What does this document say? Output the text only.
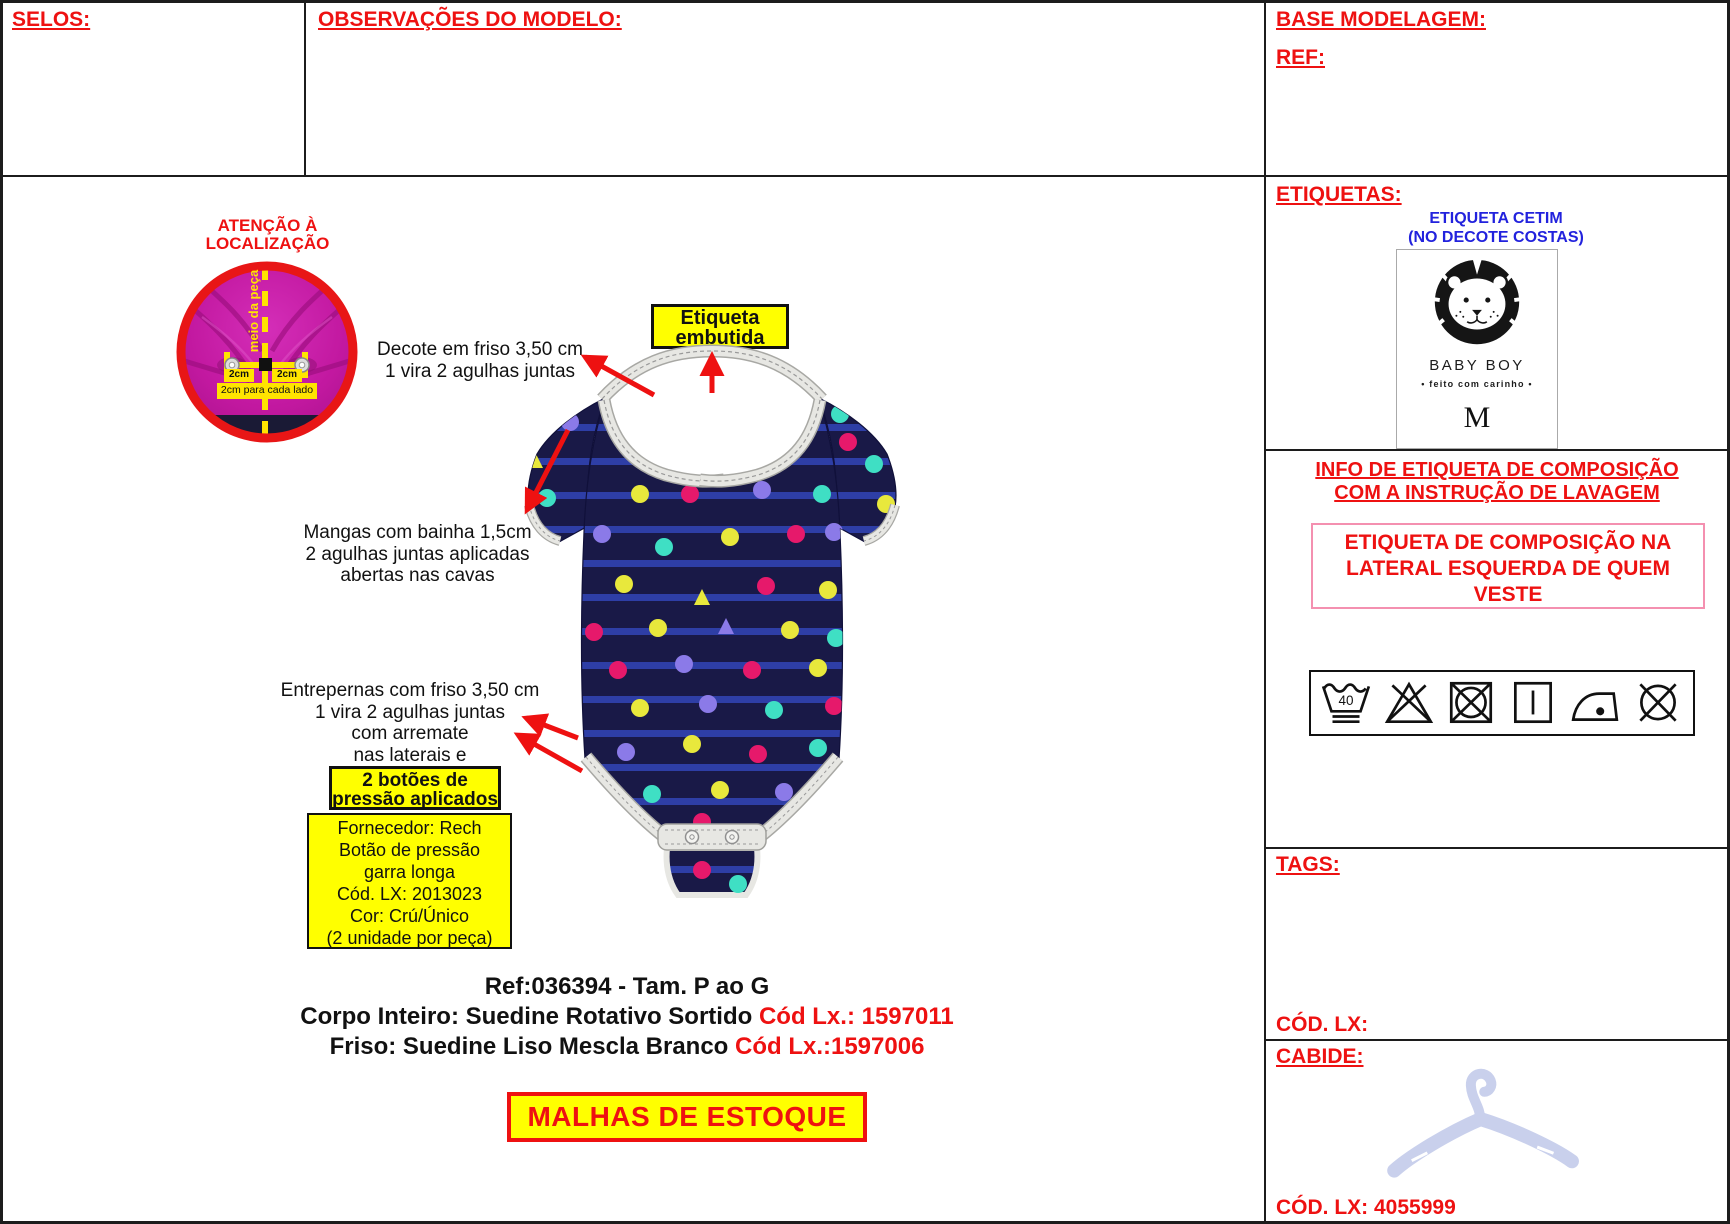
SELOS:	OBSERVAÇÕES DO MODELO:	BASE MODELAGEM:
REF:
ATENÇÃO À
LOCALIZAÇÃO
meio da peça
2cm	2cm
2cm para cada lado
Decote em friso 3,50 cm
1 vira 2 agulhas juntas
Etiqueta
embutida
Mangas com bainha 1,5cm
2 agulhas juntas aplicadas
abertas nas cavas
Entrepernas com friso 3,50 cm
1 vira 2 agulhas juntas
com arremate
nas laterais e
2 botões de
pressão aplicados
Fornecedor: Rech
Botão de pressão
garra longa
Cód. LX: 2013023
Cor: Crú/Único
(2 unidade por peça)
Ref:036394 - Tam. P ao G
Corpo Inteiro: Suedine Rotativo Sortido Cód Lx.: 1597011
Friso: Suedine Liso Mescla Branco Cód Lx.:1597006
MALHAS DE ESTOQUE
ETIQUETAS:
ETIQUETA CETIM
(NO DECOTE COSTAS)
BABY BOY
• feito com carinho •
M
INFO DE ETIQUETA DE COMPOSIÇÃO
COM A INSTRUÇÃO DE LAVAGEM
ETIQUETA DE COMPOSIÇÃO NA
LATERAL ESQUERDA DE QUEM
VESTE
40
TAGS:
CÓD. LX:
CABIDE:
CÓD. LX: 4055999
